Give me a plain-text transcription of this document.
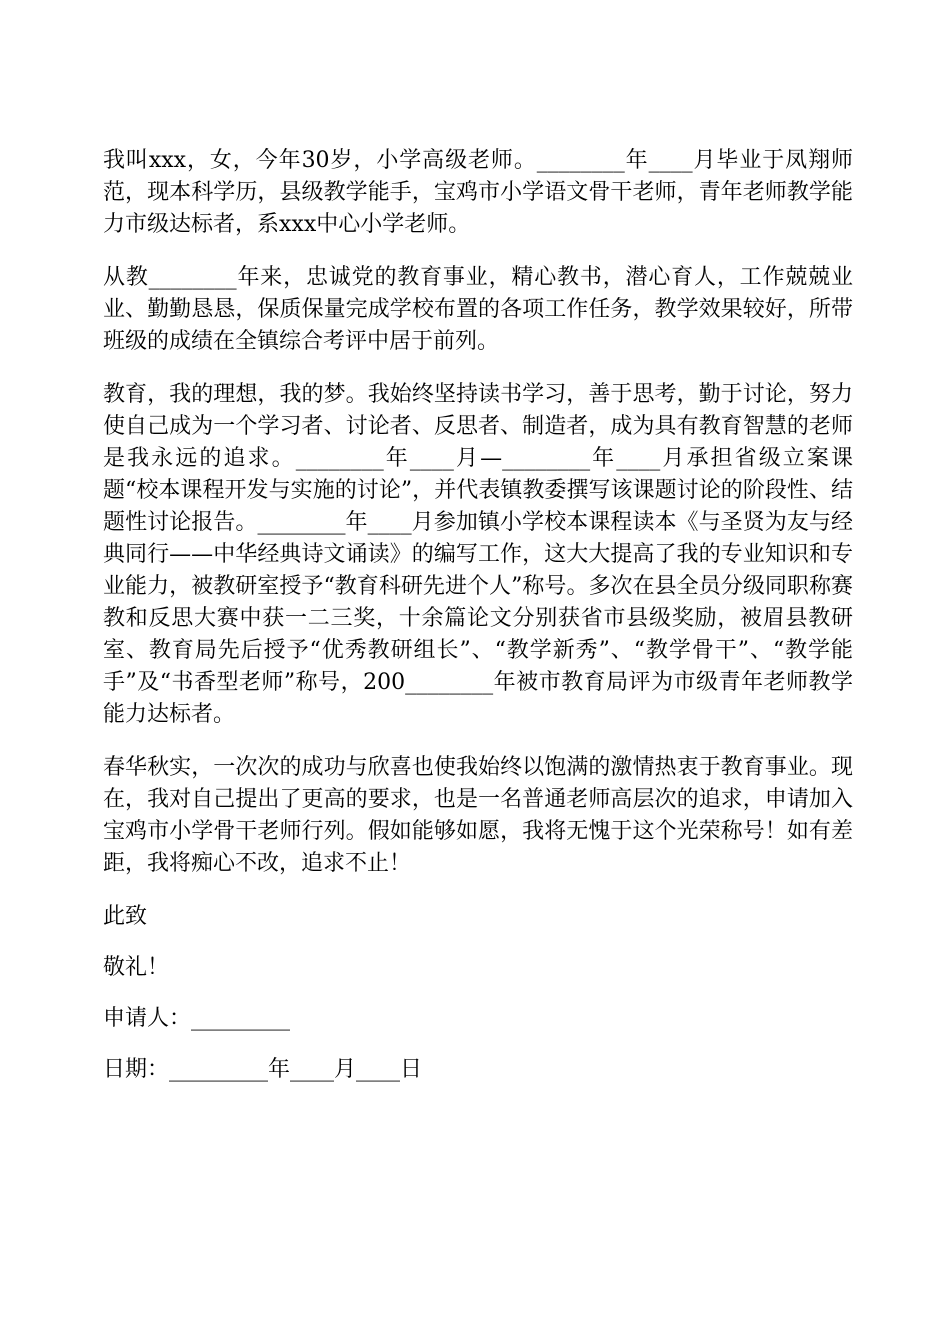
我叫xxx，女，今年30岁，小学高级老师。________年____月毕业于凤翔师范，现本科学历，县级教学能手，宝鸡市小学语文骨干老师，青年老师教学能力市级达标者，系xxx中心小学老师。

从教________年来，忠诚党的教育事业，精心教书，潜心育人，工作兢兢业业、勤勤恳恳，保质保量完成学校布置的各项工作任务，教学效果较好，所带班级的成绩在全镇综合考评中居于前列。

教育，我的理想，我的梦。我始终坚持读书学习，善于思考，勤于讨论，努力使自己成为一个学习者、讨论者、反思者、制造者，成为具有教育智慧的老师是我永远的追求。________年____月—________年____月承担省级立案课题“校本课程开发与实施的讨论”，并代表镇教委撰写该课题讨论的阶段性、结题性讨论报告。________年____月参加镇小学校本课程读本《与圣贤为友与经典同行——中华经典诗文诵读》的编写工作，这大大提高了我的专业知识和专业能力，被教研室授予“教育科研先进个人”称号。多次在县全员分级同职称赛教和反思大赛中获一二三奖，十余篇论文分别获省市县级奖励，被眉县教研室、教育局先后授予“优秀教研组长”、“教学新秀”、“教学骨干”、“教学能手”及“书香型老师”称号，200________年被市教育局评为市级青年老师教学能力达标者。

春华秋实，一次次的成功与欣喜也使我始终以饱满的激情热衷于教育事业。现在，我对自己提出了更高的要求，也是一名普通老师高层次的追求，申请加入宝鸡市小学骨干老师行列。假如能够如愿，我将无愧于这个光荣称号！如有差距，我将痴心不改，追求不止！

此致

敬礼！

申请人：_________

日期：_________年____月____日
